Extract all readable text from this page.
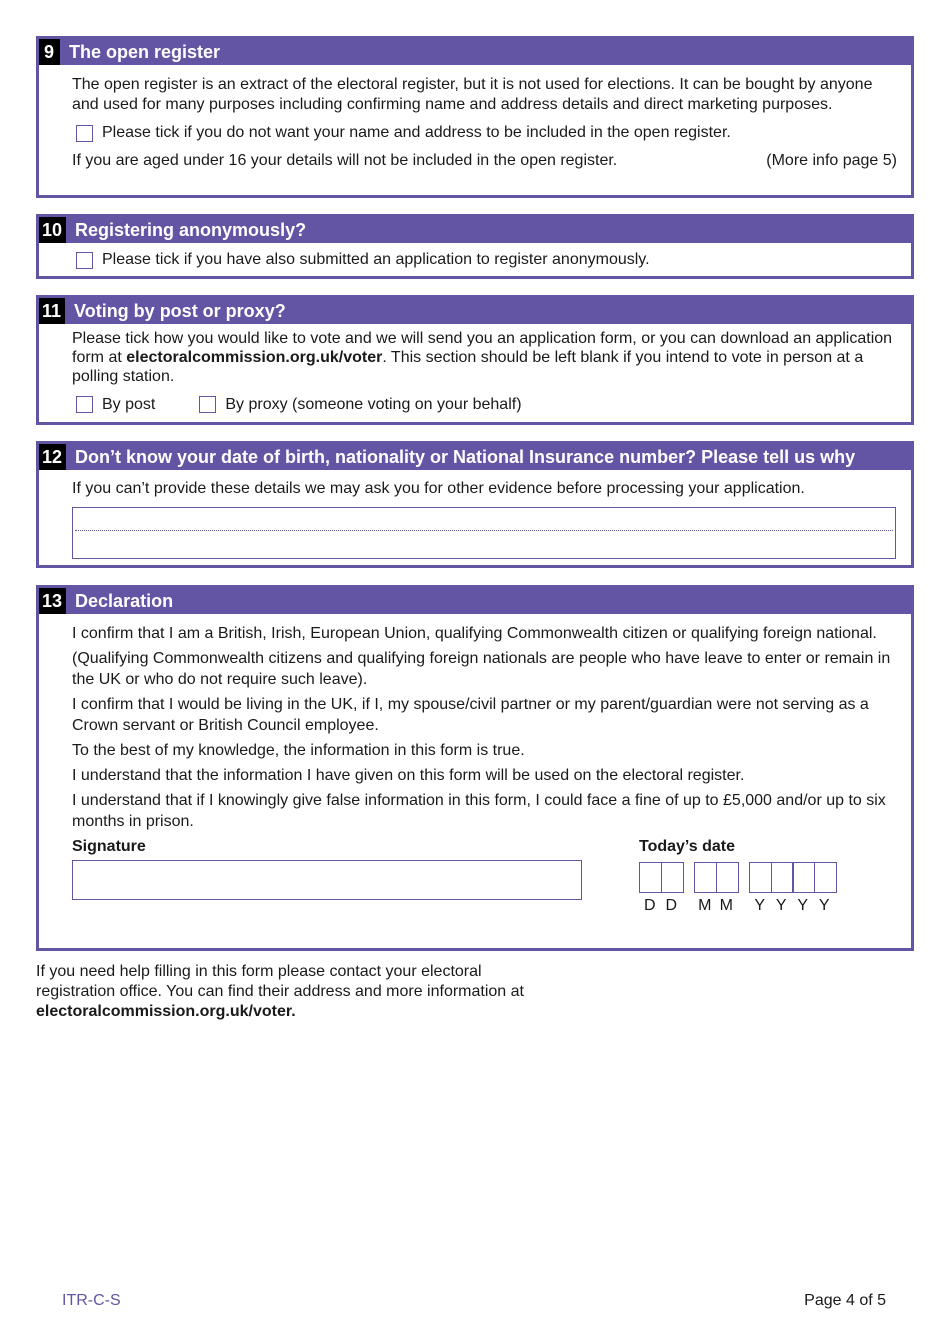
9 The open register

The open register is an extract of the electoral register, but it is not used for elections. It can be bought by anyone and used for many purposes including confirming name and address details and direct marketing purposes.

Please tick if you do not want your name and address to be included in the open register.
If you are aged under 16 your details will not be included in the open register.	(More info page 5)
10 Registering anonymously?
Please tick if you have also submitted an application to register anonymously.
11 Voting by post or proxy?

Please tick how you would like to vote and we will send you an application form, or you can download an application form at electoralcommission.org.uk/voter. This section should be left blank if you intend to vote in person at a polling station.

By post	By proxy (someone voting on your behalf)
12 Don’t know your date of birth, nationality or National Insurance number? Please tell us why

If you can’t provide these details we may ask you for other evidence before processing your application.

13 Declaration

I confirm that I am a British, Irish, European Union, qualifying Commonwealth citizen or qualifying foreign national.

(Qualifying Commonwealth citizens and qualifying foreign nationals are people who have leave to enter or remain in the UK or who do not require such leave).

I confirm that I would be living in the UK, if I, my spouse/civil partner or my parent/guardian were not serving as a Crown servant or British Council employee.

To the best of my knowledge, the information in this form is true.

I understand that the information I have given on this form will be used on the electoral register.

I understand that if I knowingly give false information in this form, I could face a fine of up to £5,000 and/or up to six months in prison.

Signature	Today’s date
D D	M M	Y Y Y Y
If you need help filling in this form please contact your electoral registration office. You can find their address and more information at electoralcommission.org.uk/voter.
ITR-C-S	Page 4 of 5
